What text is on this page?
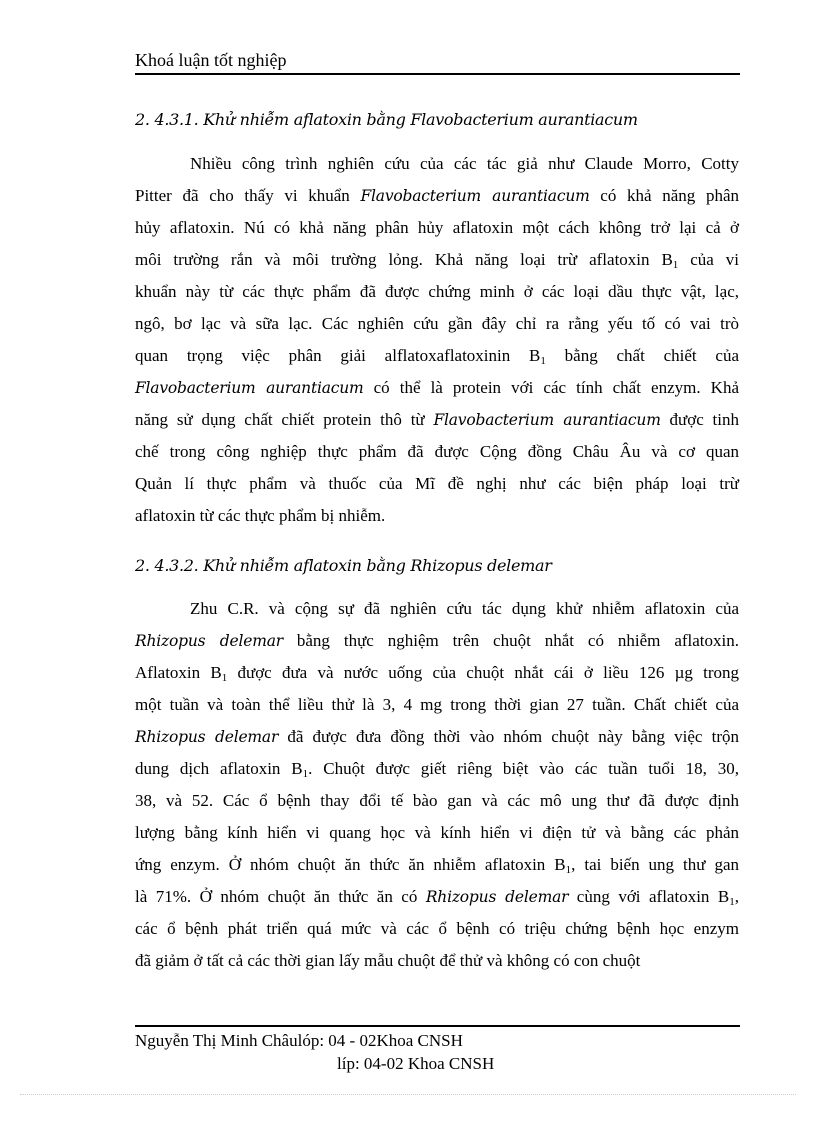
Khoá luận tốt nghiệp
2. 4.3.1. Khử nhiễm aflatoxin bằng Flavobacterium aurantiacum
Nhiều công trình nghiên cứu của các tác giả như Claude Morro, Cotty
Pitter đã cho thấy vi khuẩn Flavobacterium aurantiacum có khả năng phân
hủy aflatoxin. Nú có khả năng phân hủy aflatoxin một cách không trở lại cả ở
môi trường rắn và môi trường lỏng. Khả năng loại trừ aflatoxin $B_1$ của vi
khuẩn này từ các thực phẩm đã được chứng minh ở các loại dầu thực vật, lạc,
ngô, bơ lạc và sữa lạc. Các nghiên cứu gần đây chỉ ra rằng yếu tố có vai trò
quan trọng việc phân giải alflatoxaflatoxinin $B_1$ bằng chất chiết của
Flavobacterium aurantiacum có thể là protein với các tính chất enzym. Khả
năng sử dụng chất chiết protein thô từ Flavobacterium aurantiacum được tinh
chế trong công nghiệp thực phẩm đã được Cộng đồng Châu Âu và cơ quan
Quản lí thực phẩm và thuốc của Mĩ đề nghị như các biện pháp loại trừ
aflatoxin từ các thực phẩm bị nhiễm.
2. 4.3.2. Khử nhiễm aflatoxin bằng Rhizopus delemar
Zhu C.R. và cộng sự đã nghiên cứu tác dụng khử nhiễm aflatoxin của
Rhizopus delemar bằng thực nghiệm trên chuột nhắt có nhiễm aflatoxin.
Aflatoxin $B_1$ được đưa và nước uống của chuột nhắt cái ở liều 126 µg trong
một tuần và toàn thể liều thử là 3, 4 mg trong thời gian 27 tuần. Chất chiết của
Rhizopus delemar đã được đưa đồng thời vào nhóm chuột này bằng việc trộn
dung dịch aflatoxin $B_1$. Chuột được giết riêng biệt vào các tuần tuổi 18, 30,
38, và 52. Các ổ bệnh thay đổi tế bào gan và các mô ung thư đã được định
lượng bằng kính hiển vi quang học và kính hiển vi điện tử và bằng các phản
ứng enzym. Ở nhóm chuột ăn thức ăn nhiễm aflatoxin $B_1$, tai biến ung thư gan
là 71%. Ở nhóm chuột ăn thức ăn có Rhizopus delemar cùng với aflatoxin $B_1$,
các ổ bệnh phát triển quá mức và các ổ bệnh có triệu chứng bệnh học enzym
đã giảm ở tất cả các thời gian lấy mẫu chuột để thử và không có con chuột
Nguyễn Thị Minh Châulóp: 04 - 02Khoa CNSH
líp: 04-02 Khoa CNSH
